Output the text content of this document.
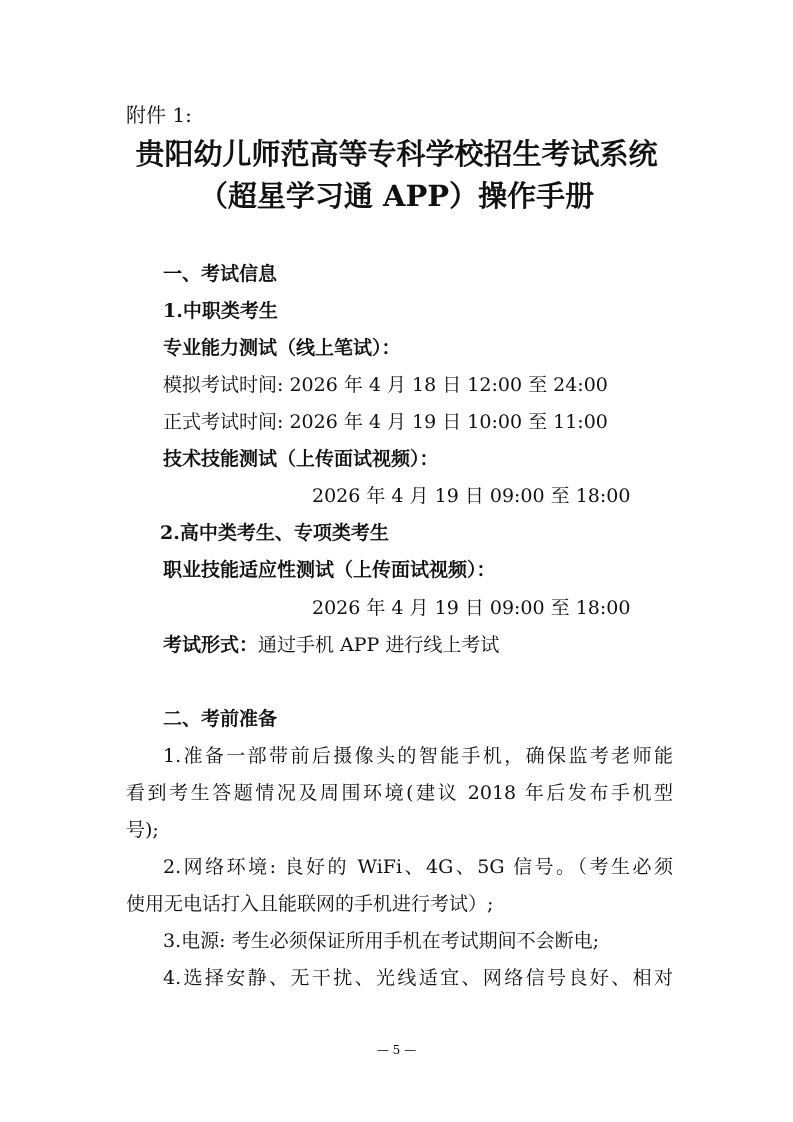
附件 1:
贵阳幼儿师范高等专科学校招生考试系统
（超星学习通 APP）操作手册
一、考试信息
1.中职类考生
专业能力测试（线上笔试）：
模拟考试时间: 2026 年 4 月 18 日 12:00 至 24:00
正式考试时间: 2026 年 4 月 19 日 10:00 至 11:00
技术技能测试（上传面试视频）：
2026 年 4 月 19 日 09:00 至 18:00
2.高中类考生、专项类考生
职业技能适应性测试（上传面试视频）：
2026 年 4 月 19 日 09:00 至 18:00
考试形式：通过手机 APP 进行线上考试
二、考前准备
1.准备一部带前后摄像头的智能手机，确保监考老师能
看到考生答题情况及周围环境(建议 2018 年后发布手机型
号);
2.网络环境: 良好的 WiFi、4G、5G 信号。（考生必须
使用无电话打入且能联网的手机进行考试）;
3.电源: 考生必须保证所用手机在考试期间不会断电;
4.选择安静、无干扰、光线适宜、网络信号良好、相对
— 5 —
